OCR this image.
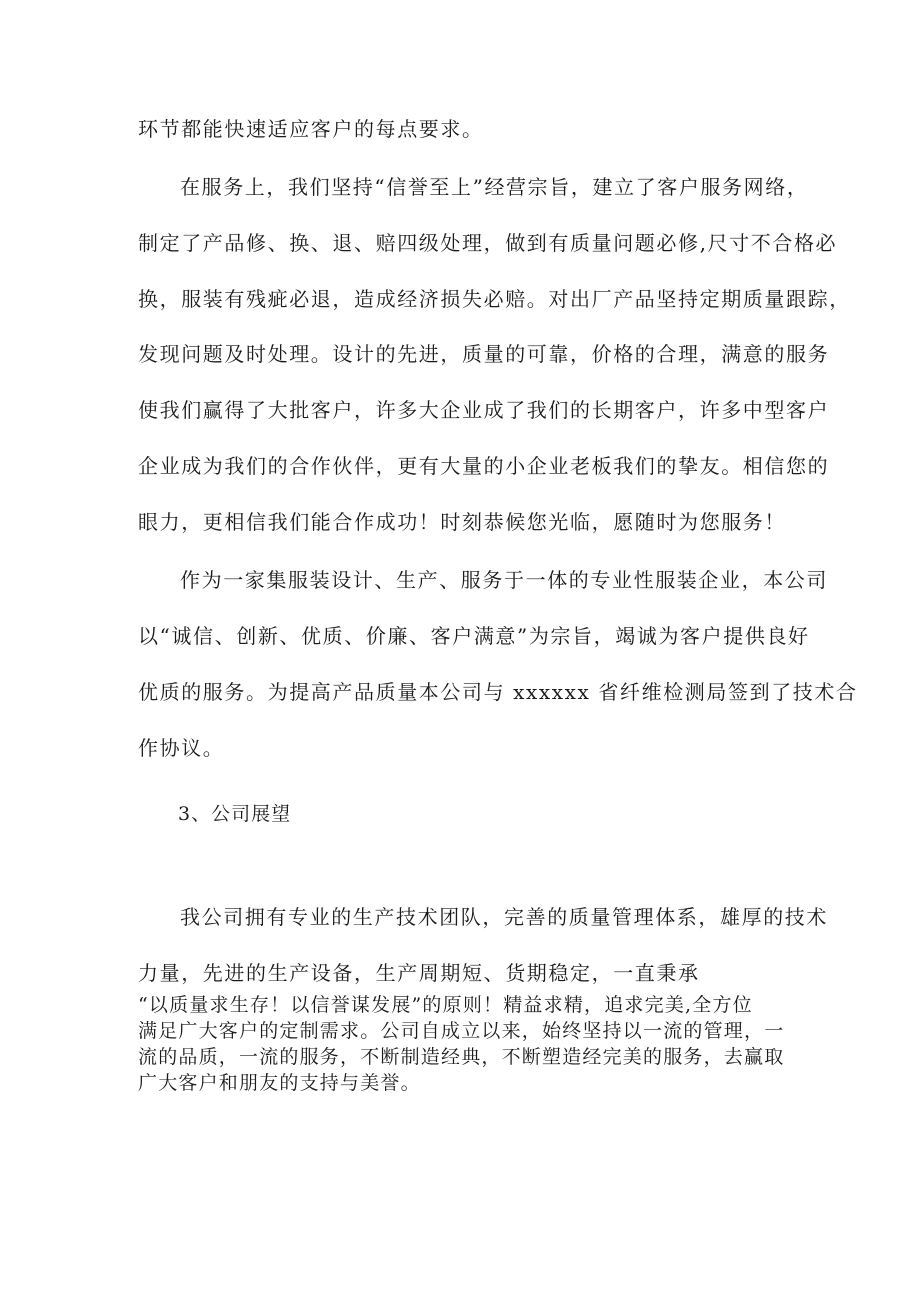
环节都能快速适应客户的每点要求。
在服务上，我们坚持“信誉至上”经营宗旨，建立了客户服务网络，
制定了产品修、换、退、赔四级处理，做到有质量问题必修,尺寸不合格必
换，服装有残疵必退，造成经济损失必赔。对出厂产品坚持定期质量跟踪，
发现问题及时处理。设计的先进，质量的可靠，价格的合理，满意的服务
使我们赢得了大批客户，许多大企业成了我们的长期客户，许多中型客户
企业成为我们的合作伙伴，更有大量的小企业老板我们的挚友。相信您的
眼力，更相信我们能合作成功！时刻恭候您光临，愿随时为您服务！
作为一家集服装设计、生产、服务于一体的专业性服装企业，本公司
以“诚信、创新、优质、价廉、客户满意”为宗旨，竭诚为客户提供良好
优质的服务。为提高产品质量本公司与 xxxxxx 省纤维检测局签到了技术合
作协议。
3、公司展望
我公司拥有专业的生产技术团队，完善的质量管理体系，雄厚的技术
力量，先进的生产设备，生产周期短、货期稳定，一直秉承
“以质量求生存！以信誉谋发展”的原则！精益求精，追求完美,全方位
满足广大客户的定制需求。公司自成立以来，始终坚持以一流的管理，一
流的品质，一流的服务，不断制造经典，不断塑造经完美的服务，去赢取
广大客户和朋友的支持与美誉。
